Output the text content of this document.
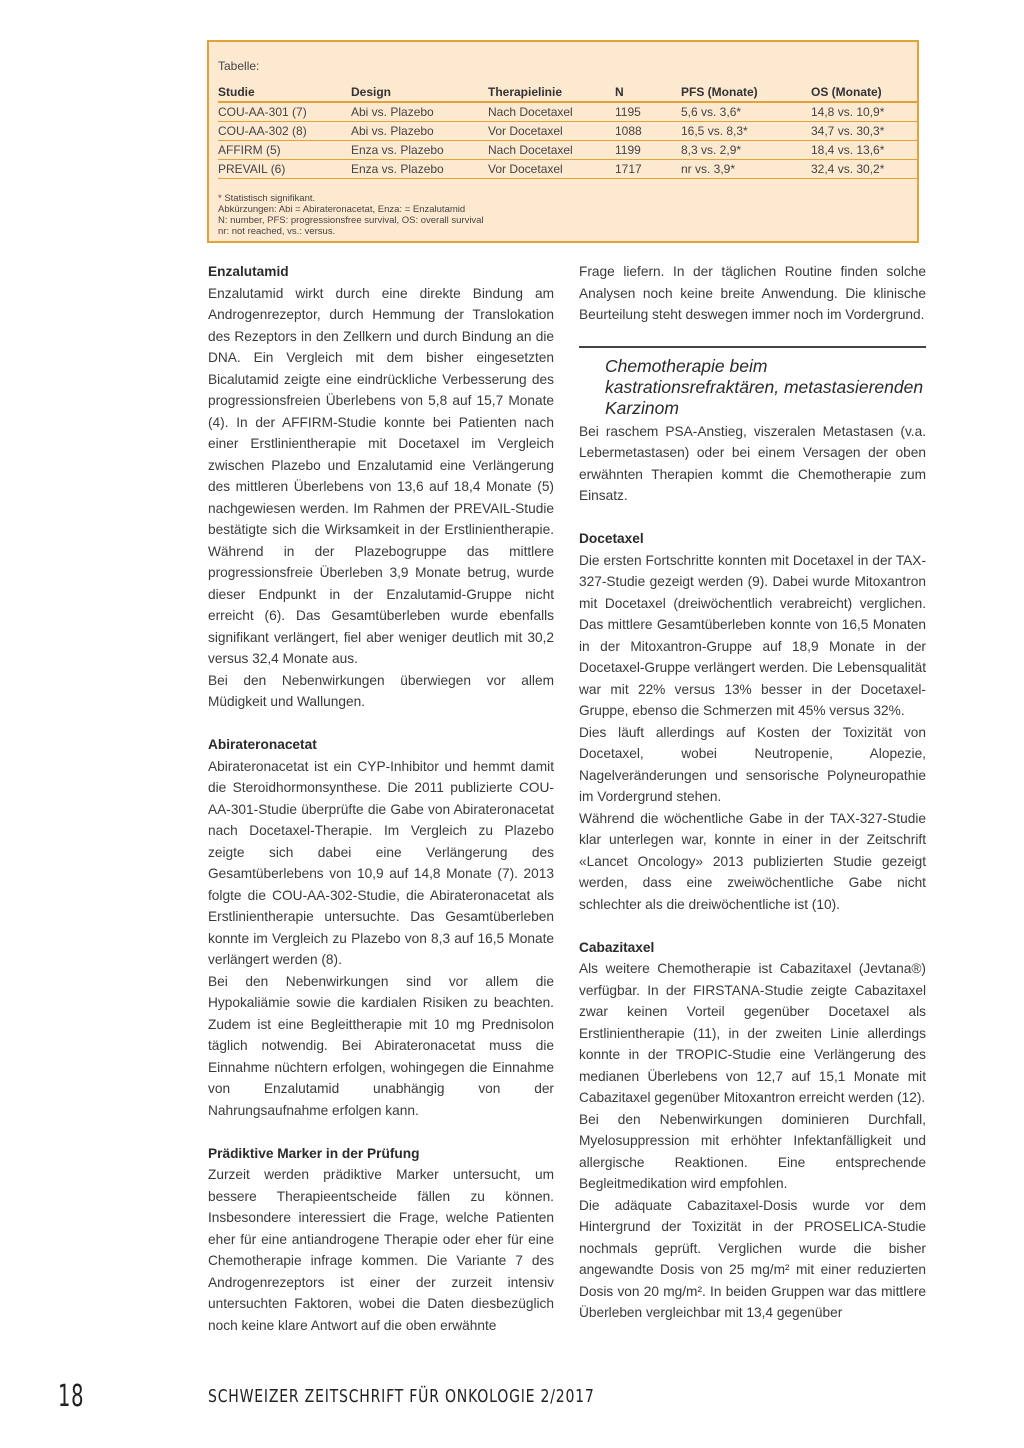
Tabelle:
Studie	Design	Therapielinie	N	PFS (Monate)	OS (Monate)
COU-AA-301 (7)	Abi vs. Plazebo	Nach Docetaxel	1195	5,6 vs. 3,6*	14,8 vs. 10,9*
COU-AA-302 (8)	Abi vs. Plazebo	Vor Docetaxel	1088	16,5 vs. 8,3*	34,7 vs. 30,3*
AFFIRM (5)	Enza vs. Plazebo	Nach Docetaxel	1199	8,3 vs. 2,9*	18,4 vs. 13,6*
PREVAIL (6)	Enza vs. Plazebo	Vor Docetaxel	1717	nr vs. 3,9*	32,4 vs. 30,2*
* Statistisch signifikant.
Abkürzungen: Abi = Abirateronacetat, Enza: = Enzalutamid
N: number, PFS: progressionsfree survival, OS: overall survival
nr: not reached, vs.: versus.
Enzalutamid

Enzalutamid wirkt durch eine direkte Bindung am Androgenrezeptor, durch Hemmung der Translokation des Rezeptors in den Zellkern und durch Bindung an die DNA. Ein Vergleich mit dem bisher eingesetzten Bicalutamid zeigte eine eindrückliche Verbesserung des progressionsfreien Überlebens von 5,8 auf 15,7 Monate (4). In der AFFIRM-Studie konnte bei Patienten nach einer Erstlinientherapie mit Docetaxel im Vergleich zwischen Plazebo und Enzalutamid eine Verlängerung des mittleren Überlebens von 13,6 auf 18,4 Monate (5) nachgewiesen werden. Im Rahmen der PREVAIL-Studie bestätigte sich die Wirksamkeit in der Erstlinientherapie. Während in der Plazebogruppe das mittlere progressionsfreie Überleben 3,9 Monate betrug, wurde dieser Endpunkt in der Enzalutamid-Gruppe nicht erreicht (6). Das Gesamtüberleben wurde ebenfalls signifikant verlängert, fiel aber weniger deutlich mit 30,2 versus 32,4 Monate aus.

Bei den Nebenwirkungen überwiegen vor allem Müdigkeit und Wallungen.

Abirateronacetat

Abirateronacetat ist ein CYP-Inhibitor und hemmt damit die Steroidhormonsynthese. Die 2011 publizierte COU-AA-301-Studie überprüfte die Gabe von Abirateronacetat nach Docetaxel-Therapie. Im Vergleich zu Plazebo zeigte sich dabei eine Verlängerung des Gesamtüberlebens von 10,9 auf 14,8 Monate (7). 2013 folgte die COU-AA-302-Studie, die Abirateronacetat als Erstlinientherapie untersuchte. Das Gesamtüberleben konnte im Vergleich zu Plazebo von 8,3 auf 16,5 Monate verlängert werden (8).

Bei den Nebenwirkungen sind vor allem die Hypokaliämie sowie die kardialen Risiken zu beachten. Zudem ist eine Begleittherapie mit 10 mg Prednisolon täglich notwendig. Bei Abirateronacetat muss die Einnahme nüchtern erfolgen, wohingegen die Einnahme von Enzalutamid unabhängig von der Nahrungsaufnahme erfolgen kann.

Prädiktive Marker in der Prüfung

Zurzeit werden prädiktive Marker untersucht, um bessere Therapieentscheide fällen zu können. Insbesondere interessiert die Frage, welche Patienten eher für eine antiandrogene Therapie oder eher für eine Chemotherapie infrage kommen. Die Variante 7 des Androgenrezeptors ist einer der zurzeit intensiv untersuchten Faktoren, wobei die Daten diesbezüglich noch keine klare Antwort auf die oben erwähnte

Frage liefern. In der täglichen Routine finden solche Analysen noch keine breite Anwendung. Die klinische Beurteilung steht deswegen immer noch im Vordergrund.

Chemotherapie beim kastrationsrefraktären, metastasierenden Karzinom

Bei raschem PSA-Anstieg, viszeralen Metastasen (v.a. Lebermetastasen) oder bei einem Versagen der oben erwähnten Therapien kommt die Chemotherapie zum Einsatz.

Docetaxel

Die ersten Fortschritte konnten mit Docetaxel in der TAX-327-Studie gezeigt werden (9). Dabei wurde Mitoxantron mit Docetaxel (dreiwöchentlich verabreicht) verglichen. Das mittlere Gesamtüberleben konnte von 16,5 Monaten in der Mitoxantron-Gruppe auf 18,9 Monate in der Docetaxel-Gruppe verlängert werden. Die Lebensqualität war mit 22% versus 13% besser in der Docetaxel-Gruppe, ebenso die Schmerzen mit 45% versus 32%.

Dies läuft allerdings auf Kosten der Toxizität von Docetaxel, wobei Neutropenie, Alopezie, Nagelveränderungen und sensorische Polyneuropathie im Vordergrund stehen.

Während die wöchentliche Gabe in der TAX-327-Studie klar unterlegen war, konnte in einer in der Zeitschrift «Lancet Oncology» 2013 publizierten Studie gezeigt werden, dass eine zweiwöchentliche Gabe nicht schlechter als die dreiwöchentliche ist (10).

Cabazitaxel

Als weitere Chemotherapie ist Cabazitaxel (Jevtana®) verfügbar. In der FIRSTANA-Studie zeigte Cabazitaxel zwar keinen Vorteil gegenüber Docetaxel als Erstlinientherapie (11), in der zweiten Linie allerdings konnte in der TROPIC-Studie eine Verlängerung des medianen Überlebens von 12,7 auf 15,1 Monate mit Cabazitaxel gegenüber Mitoxantron erreicht werden (12).

Bei den Nebenwirkungen dominieren Durchfall, Myelosuppression mit erhöhter Infektanfälligkeit und allergische Reaktionen. Eine entsprechende Begleitmedikation wird empfohlen.

Die adäquate Cabazitaxel-Dosis wurde vor dem Hintergrund der Toxizität in der PROSELICA-Studie nochmals geprüft. Verglichen wurde die bisher angewandte Dosis von 25 mg/m² mit einer reduzierten Dosis von 20 mg/m². In beiden Gruppen war das mittlere Überleben vergleichbar mit 13,4 gegenüber

18	SCHWEIZER ZEITSCHRIFT FÜR ONKOLOGIE 2/2017
